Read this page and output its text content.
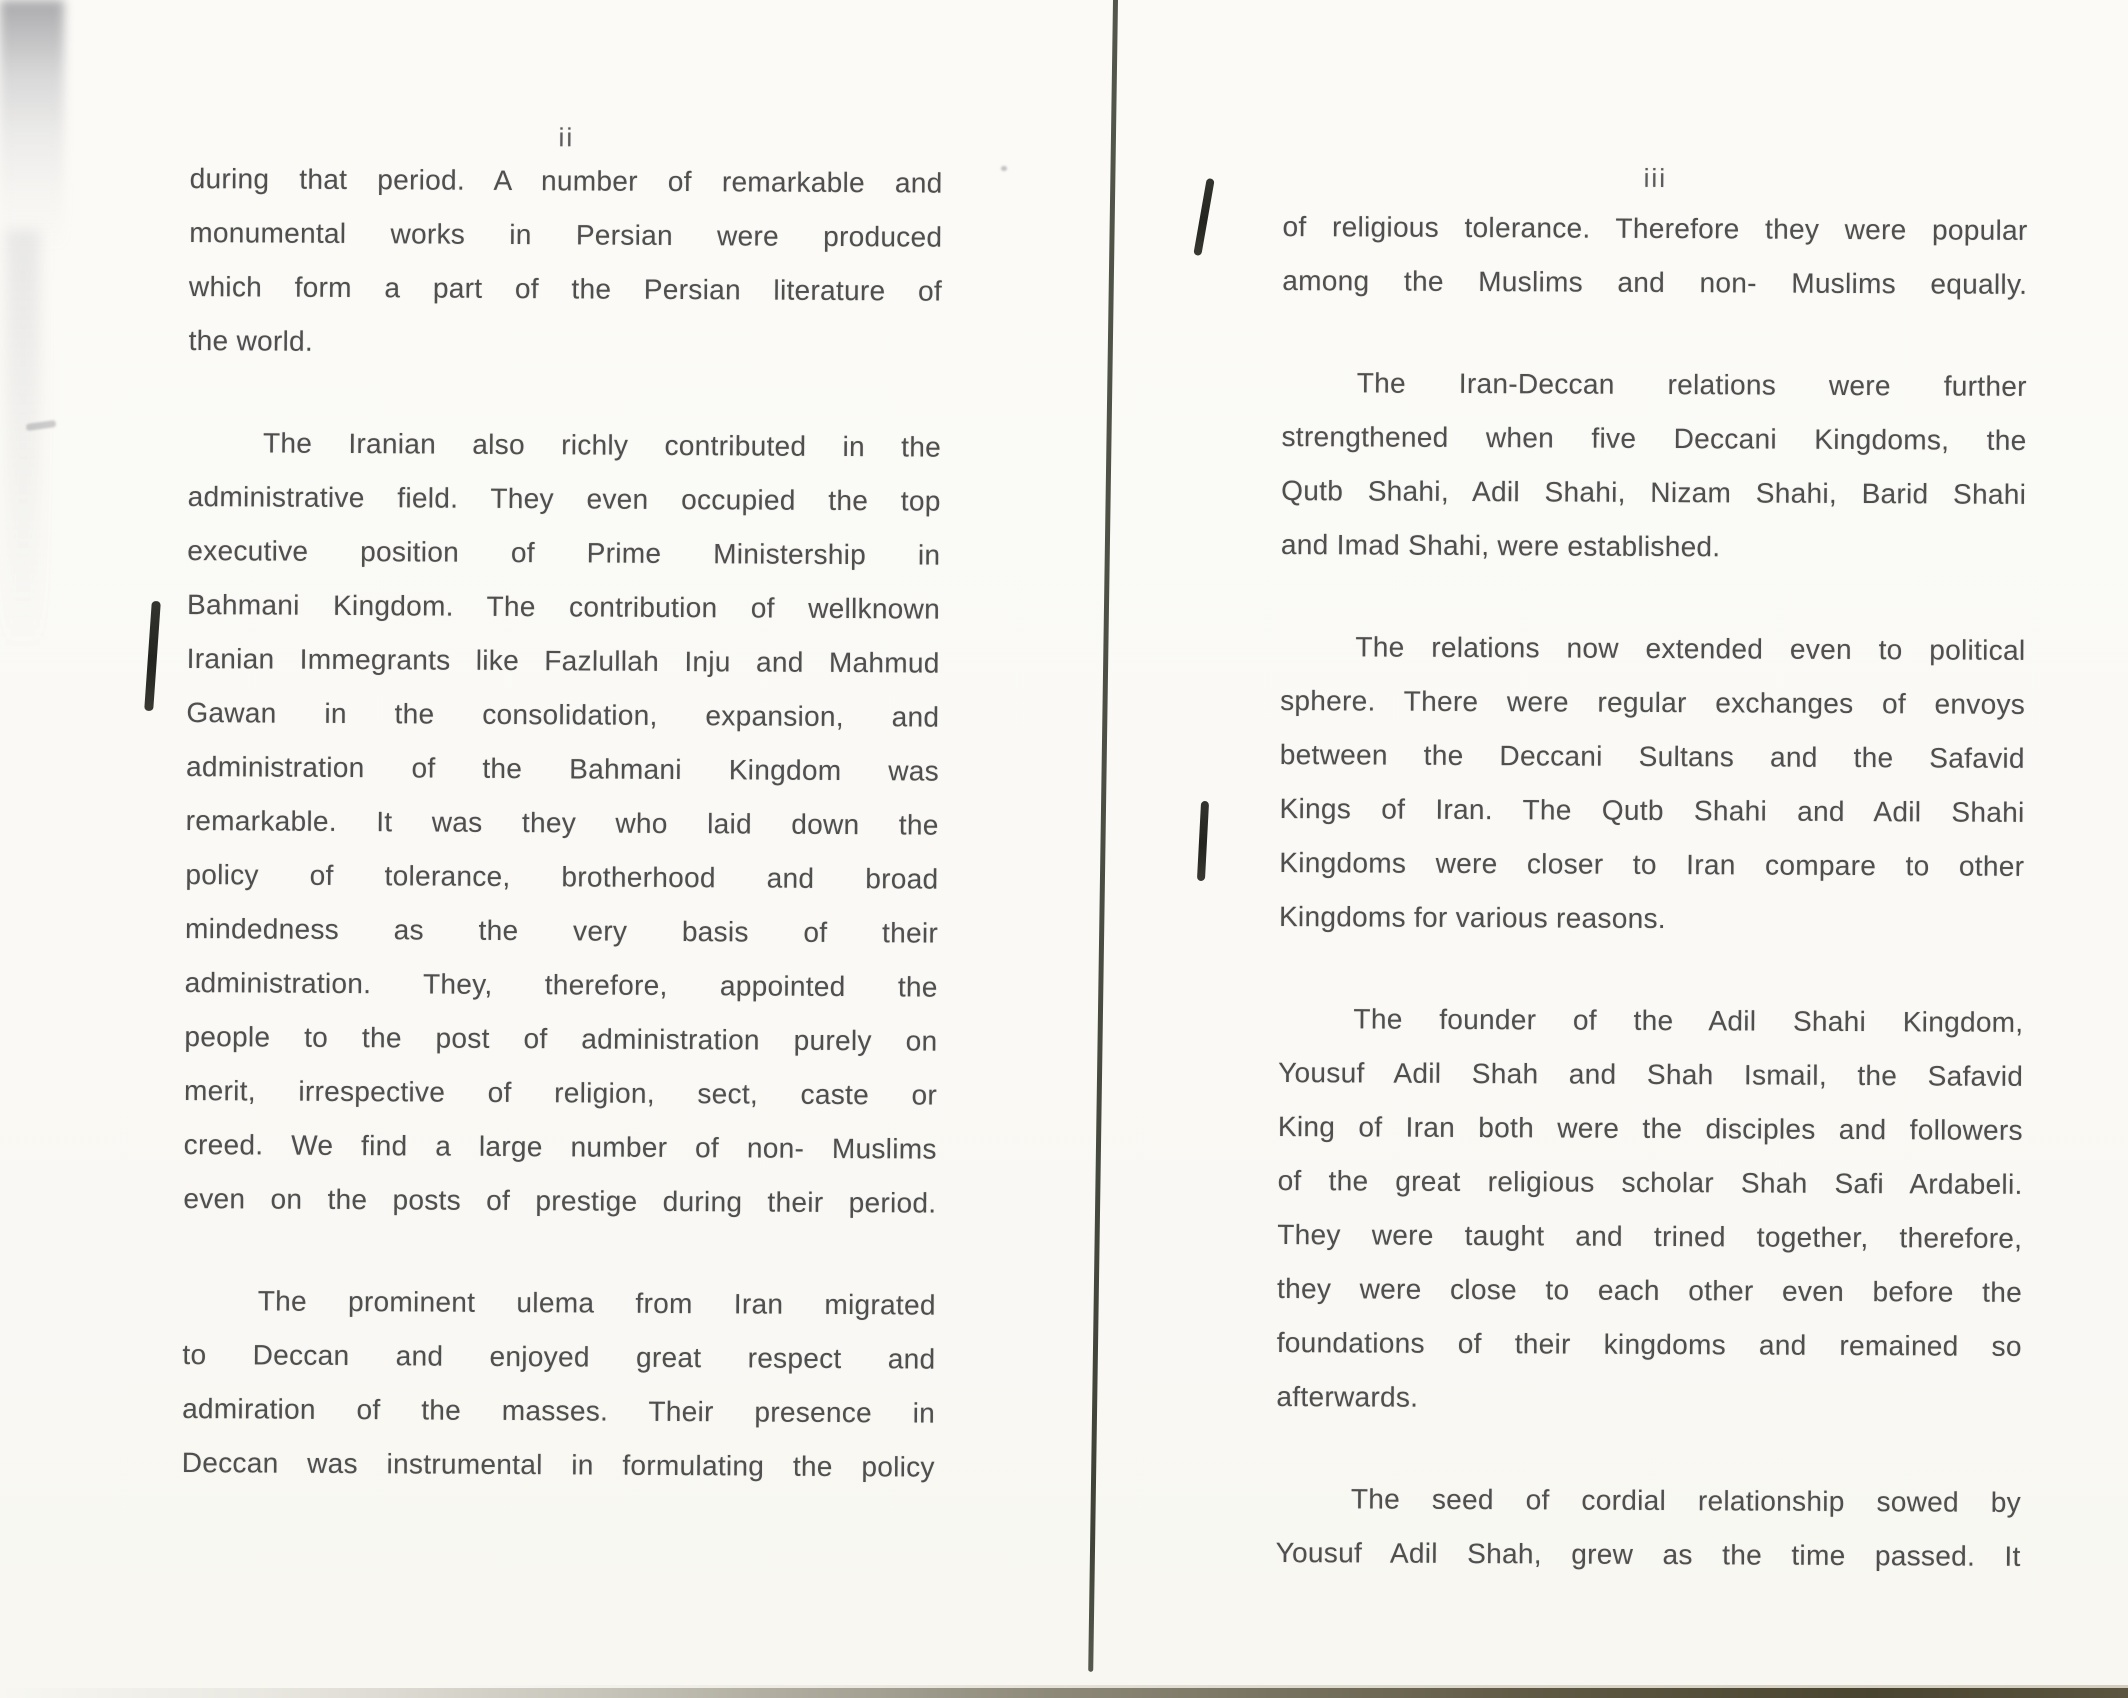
ii
during that period. A number of remarkable and
monumental works in Persian were produced
which form a part of the Persian literature of
the world.
The Iranian also richly contributed in the
administrative field. They even occupied the top
executive position of Prime Ministership in
Bahmani Kingdom. The contribution of wellknown
Iranian Immegrants like Fazlullah Inju and Mahmud
Gawan in the consolidation, expansion, and
administration of the Bahmani Kingdom was
remarkable. It was they who laid down the
policy of tolerance, brotherhood and broad
mindedness as the very basis of their
administration. They, therefore, appointed the
people to the post of administration purely on
merit, irrespective of religion, sect, caste or
creed. We find a large number of non- Muslims
even on the posts of prestige during their period.
The prominent ulema from Iran migrated
to Deccan and enjoyed great respect and
admiration of the masses. Their presence in
Deccan was instrumental in formulating the policy
iii
of religious tolerance. Therefore they were popular
among the Muslims and non- Muslims equally.
The Iran-Deccan relations were further
strengthened when five Deccani Kingdoms, the
Qutb Shahi, Adil Shahi, Nizam Shahi, Barid Shahi
and Imad Shahi, were established.
The relations now extended even to political
sphere. There were regular exchanges of envoys
between the Deccani Sultans and the Safavid
Kings of Iran. The Qutb Shahi and Adil Shahi
Kingdoms were closer to Iran compare to other
Kingdoms for various reasons.
The founder of the Adil Shahi Kingdom,
Yousuf Adil Shah and Shah Ismail, the Safavid
King of Iran both were the disciples and followers
of the great religious scholar Shah Safi Ardabeli.
They were taught and trined together, therefore,
they were close to each other even before the
foundations of their kingdoms and remained so
afterwards.
The seed of cordial relationship sowed by
Yousuf Adil Shah, grew as the time passed. It
